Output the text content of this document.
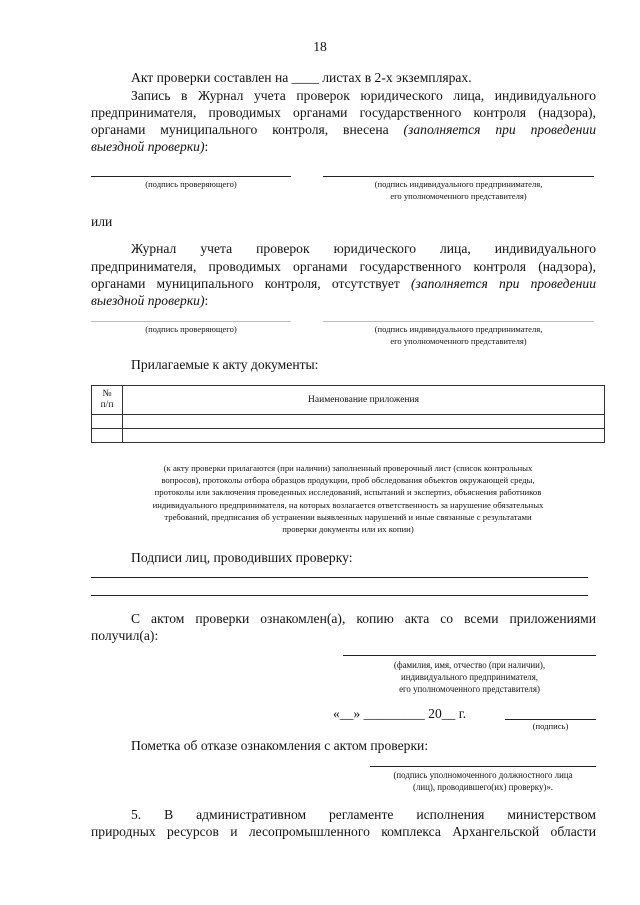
18
Акт проверки составлен на ____ листах в 2-х экземплярах.
Запись в Журнал учета проверок юридического лица, индивидуального
предпринимателя, проводимых органами государственного контроля (надзора),
органами муниципального контроля, внесена (заполняется при проведении
выездной проверки):
(подпись проверяющего)	(подпись индивидуального предпринимателя,
его уполномоченного представителя)
или
Журнал учета проверок юридического лица, индивидуального
предпринимателя, проводимых органами государственного контроля (надзора),
органами муниципального контроля, отсутствует (заполняется при проведении
выездной проверки):
(подпись проверяющего)	(подпись индивидуального предпринимателя,
его уполномоченного представителя)
Прилагаемые к акту документы:
№
п/п	Наименование приложения

(к акту проверки прилагаются (при наличии) заполненный проверочный лист (список контрольных
вопросов), протоколы отбора образцов продукции, проб обследования объектов окружающей среды,
протоколы или заключения проведенных исследований, испытаний и экспертиз, объяснения работников
индивидуального предпринимателя, на которых возлагается ответственность за нарушение обязательных
требований, предписания об устранении выявленных нарушений и иные связанные с результатами
проверки документы или их копии)
Подписи лиц, проводивших проверку:
С актом проверки ознакомлен(а), копию акта со всеми приложениями
получил(а):
(фамилия, имя, отчество (при наличии),
индивидуального предпринимателя,
его уполномоченного представителя)
«__» _________ 20__ г.
(подпись)
Пометка об отказе ознакомления с актом проверки:
(подпись уполномоченного должностного лица
(лиц), проводившего(их) проверку)».
5. В административном регламенте исполнения министерством
природных ресурсов и лесопромышленного комплекса Архангельской области
